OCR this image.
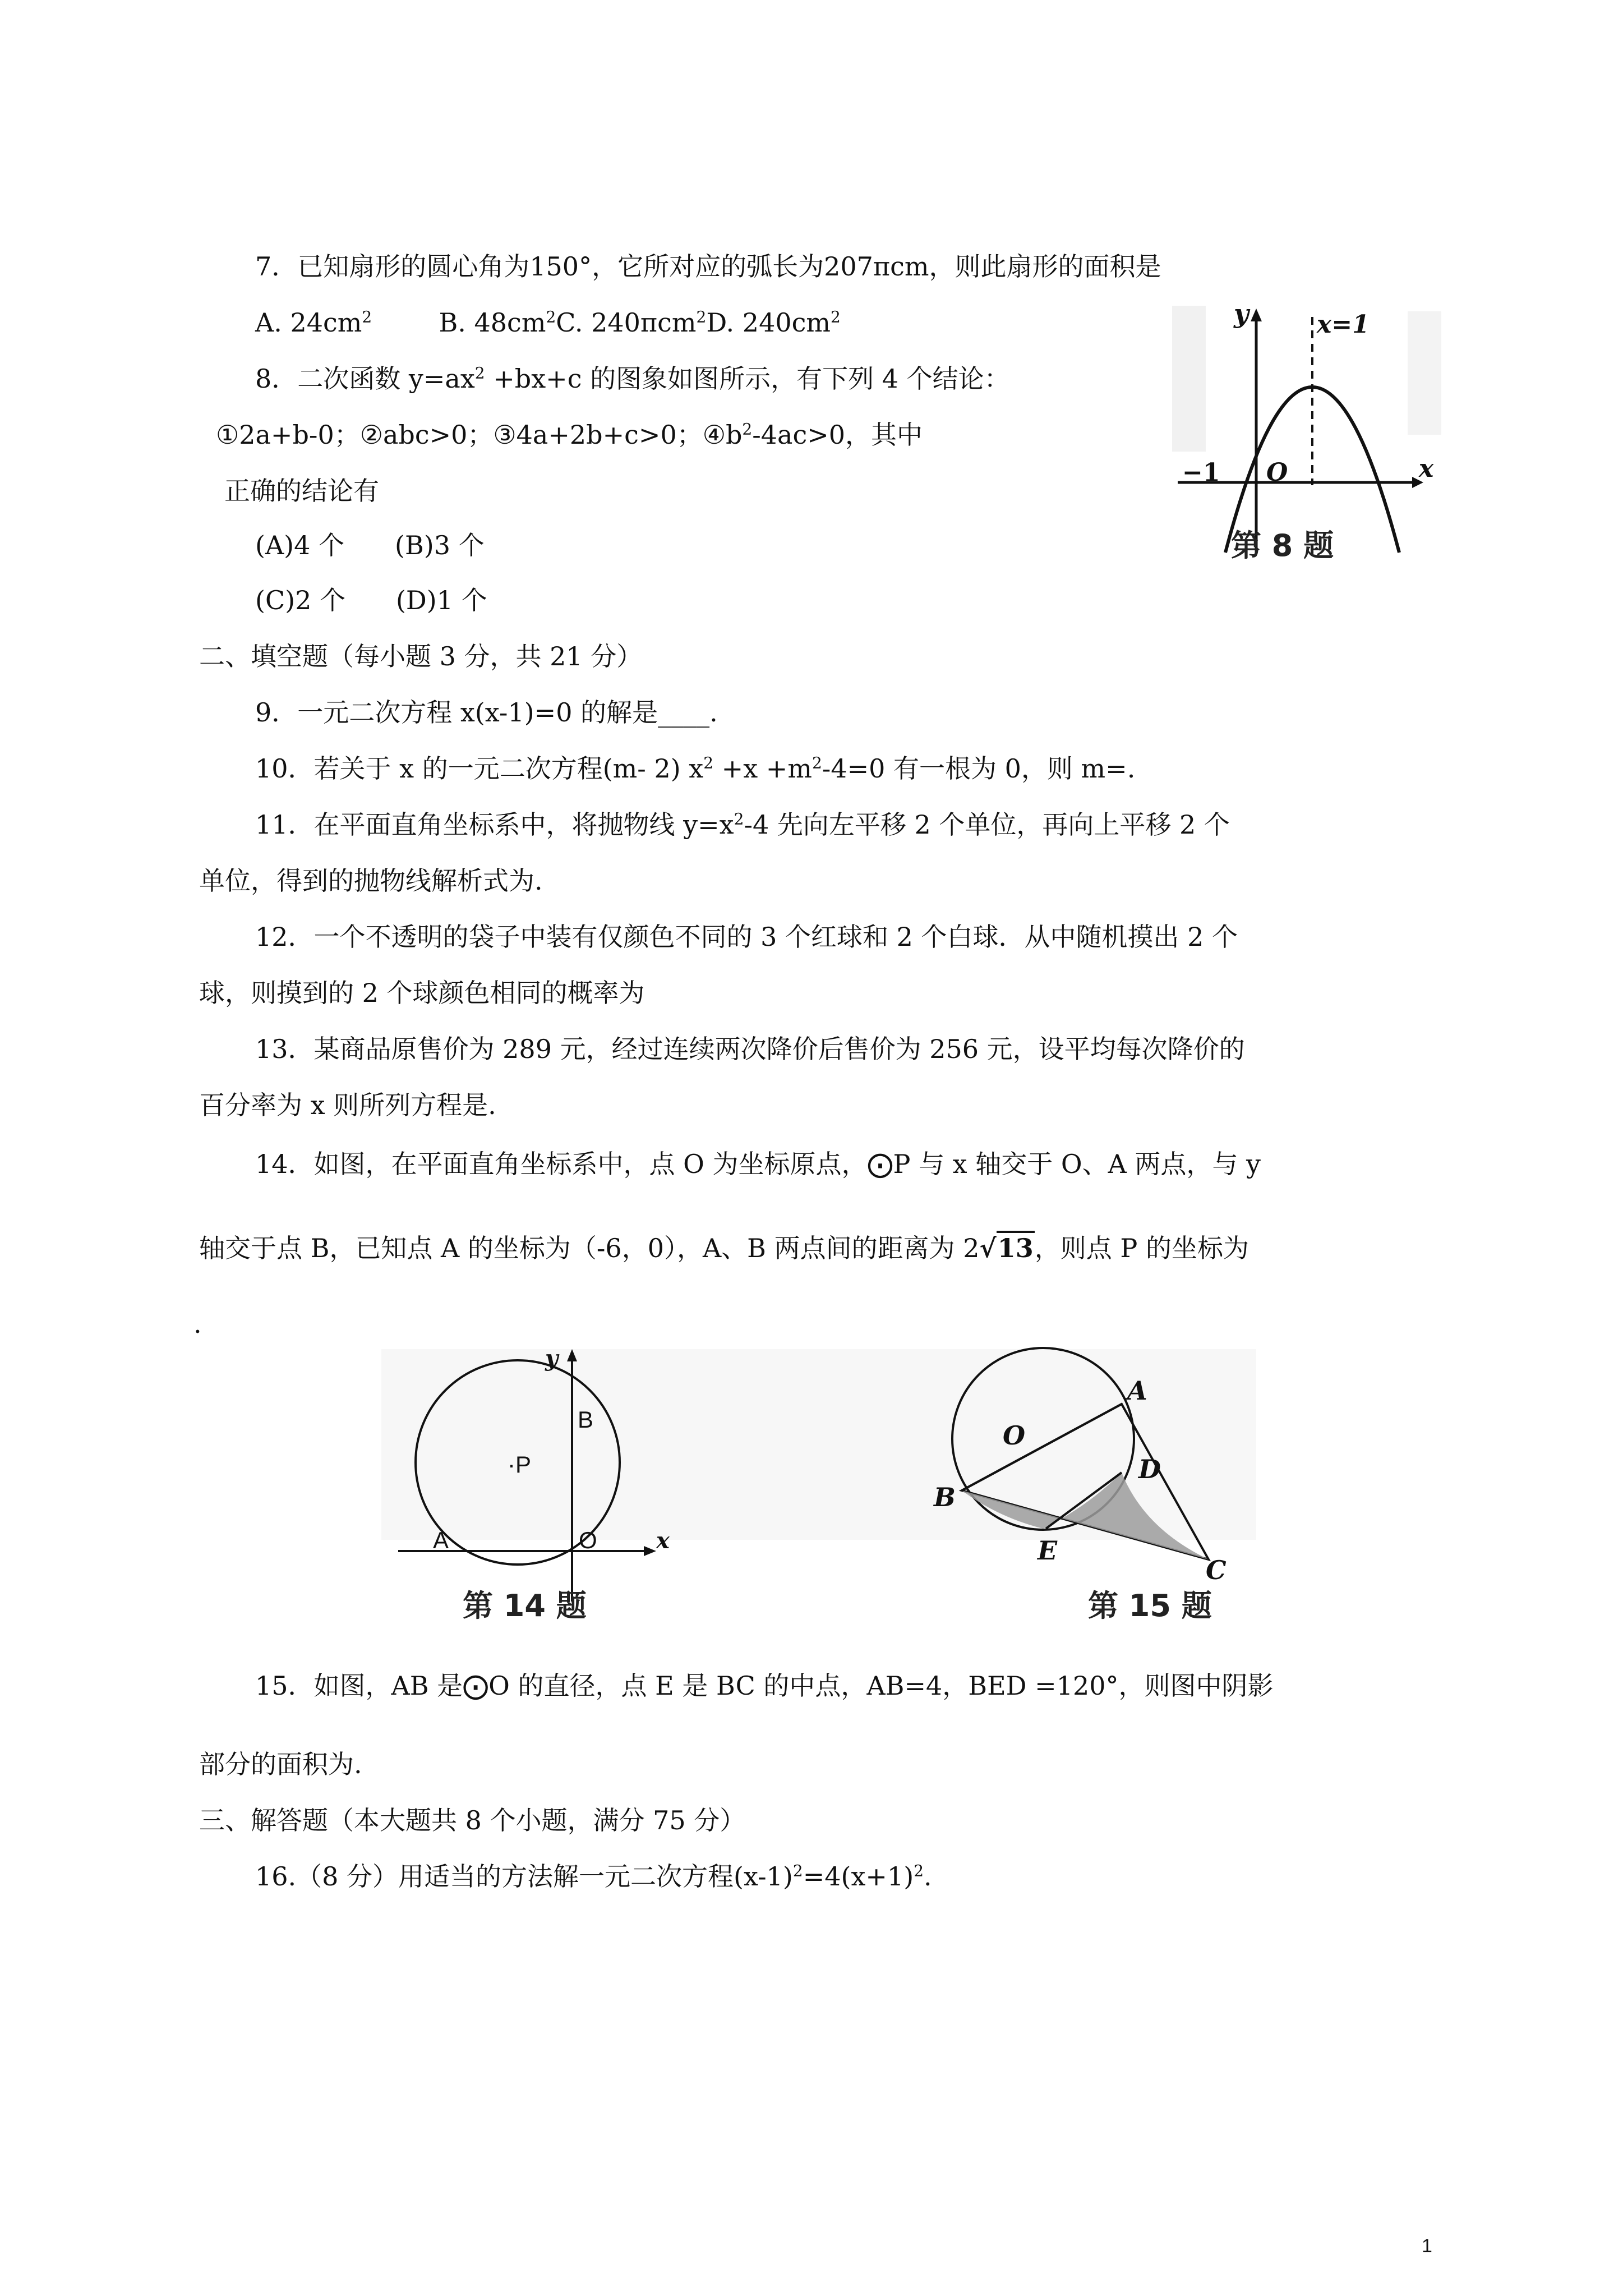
7．已知扇形的圆心角为150°，它所对应的弧长为207πcm，则此扇形的面积是
A. $24cm^2$	B. $48cm^2C$. 240πcm$^2$D. $240cm^2$
8．二次函数 $y=ax^2 +bx+c$ 的图象如图所示，有下列 4 个结论：
①2a+b-0；②abc>0；③4a+2b+c>0；$④b^2-4ac>0$，其中
正确的结论有
(A)4 个 (B)3 个
(C)2 个 (D)1 个
y	x=1
−1 O	x
第 8 题
二、填空题（每小题 3 分，共 21 分）
9．一元二次方程 x(x-1)=0 的解是____.
10．若关于 x 的一元二次方程(m- 2) $x^2 +x +m^2-4=0$ 有一根为 0，则 m=.
11．在平面直角坐标系中，将抛物线 $y=x^2-4$ 先向左平移 2 个单位，再向上平移 2 个
单位，得到的抛物线解析式为.
12．一个不透明的袋子中装有仅颜色不同的 3 个红球和 2 个白球．从中随机摸出 2 个
球，则摸到的 2 个球颜色相同的概率为
13．某商品原售价为 289 元，经过连续两次降价后售价为 256 元，设平均每次降价的
百分率为 x 则所列方程是.
14．如图，在平面直角坐标系中，点 O 为坐标原点，⨀P 与 x 轴交于 O、A 两点，与 y
轴交于点 B，已知点 A 的坐标为（-6，0），A、B 两点间的距离为 2√13，则点 P 的坐标为
.
y
x
B
·P
A	O
O
A
D
B
E
C
第 14 题	第 15 题
15．如图，AB 是⨀O 的直径，点 E 是 BC 的中点，AB=4，BED =120°，则图中阴影
部分的面积为.
三、解答题（本大题共 8 个小题，满分 75 分）
16.（8 分）用适当的方法解一元二次方程$(x-1)^2=4(x+1)^2$.
1
